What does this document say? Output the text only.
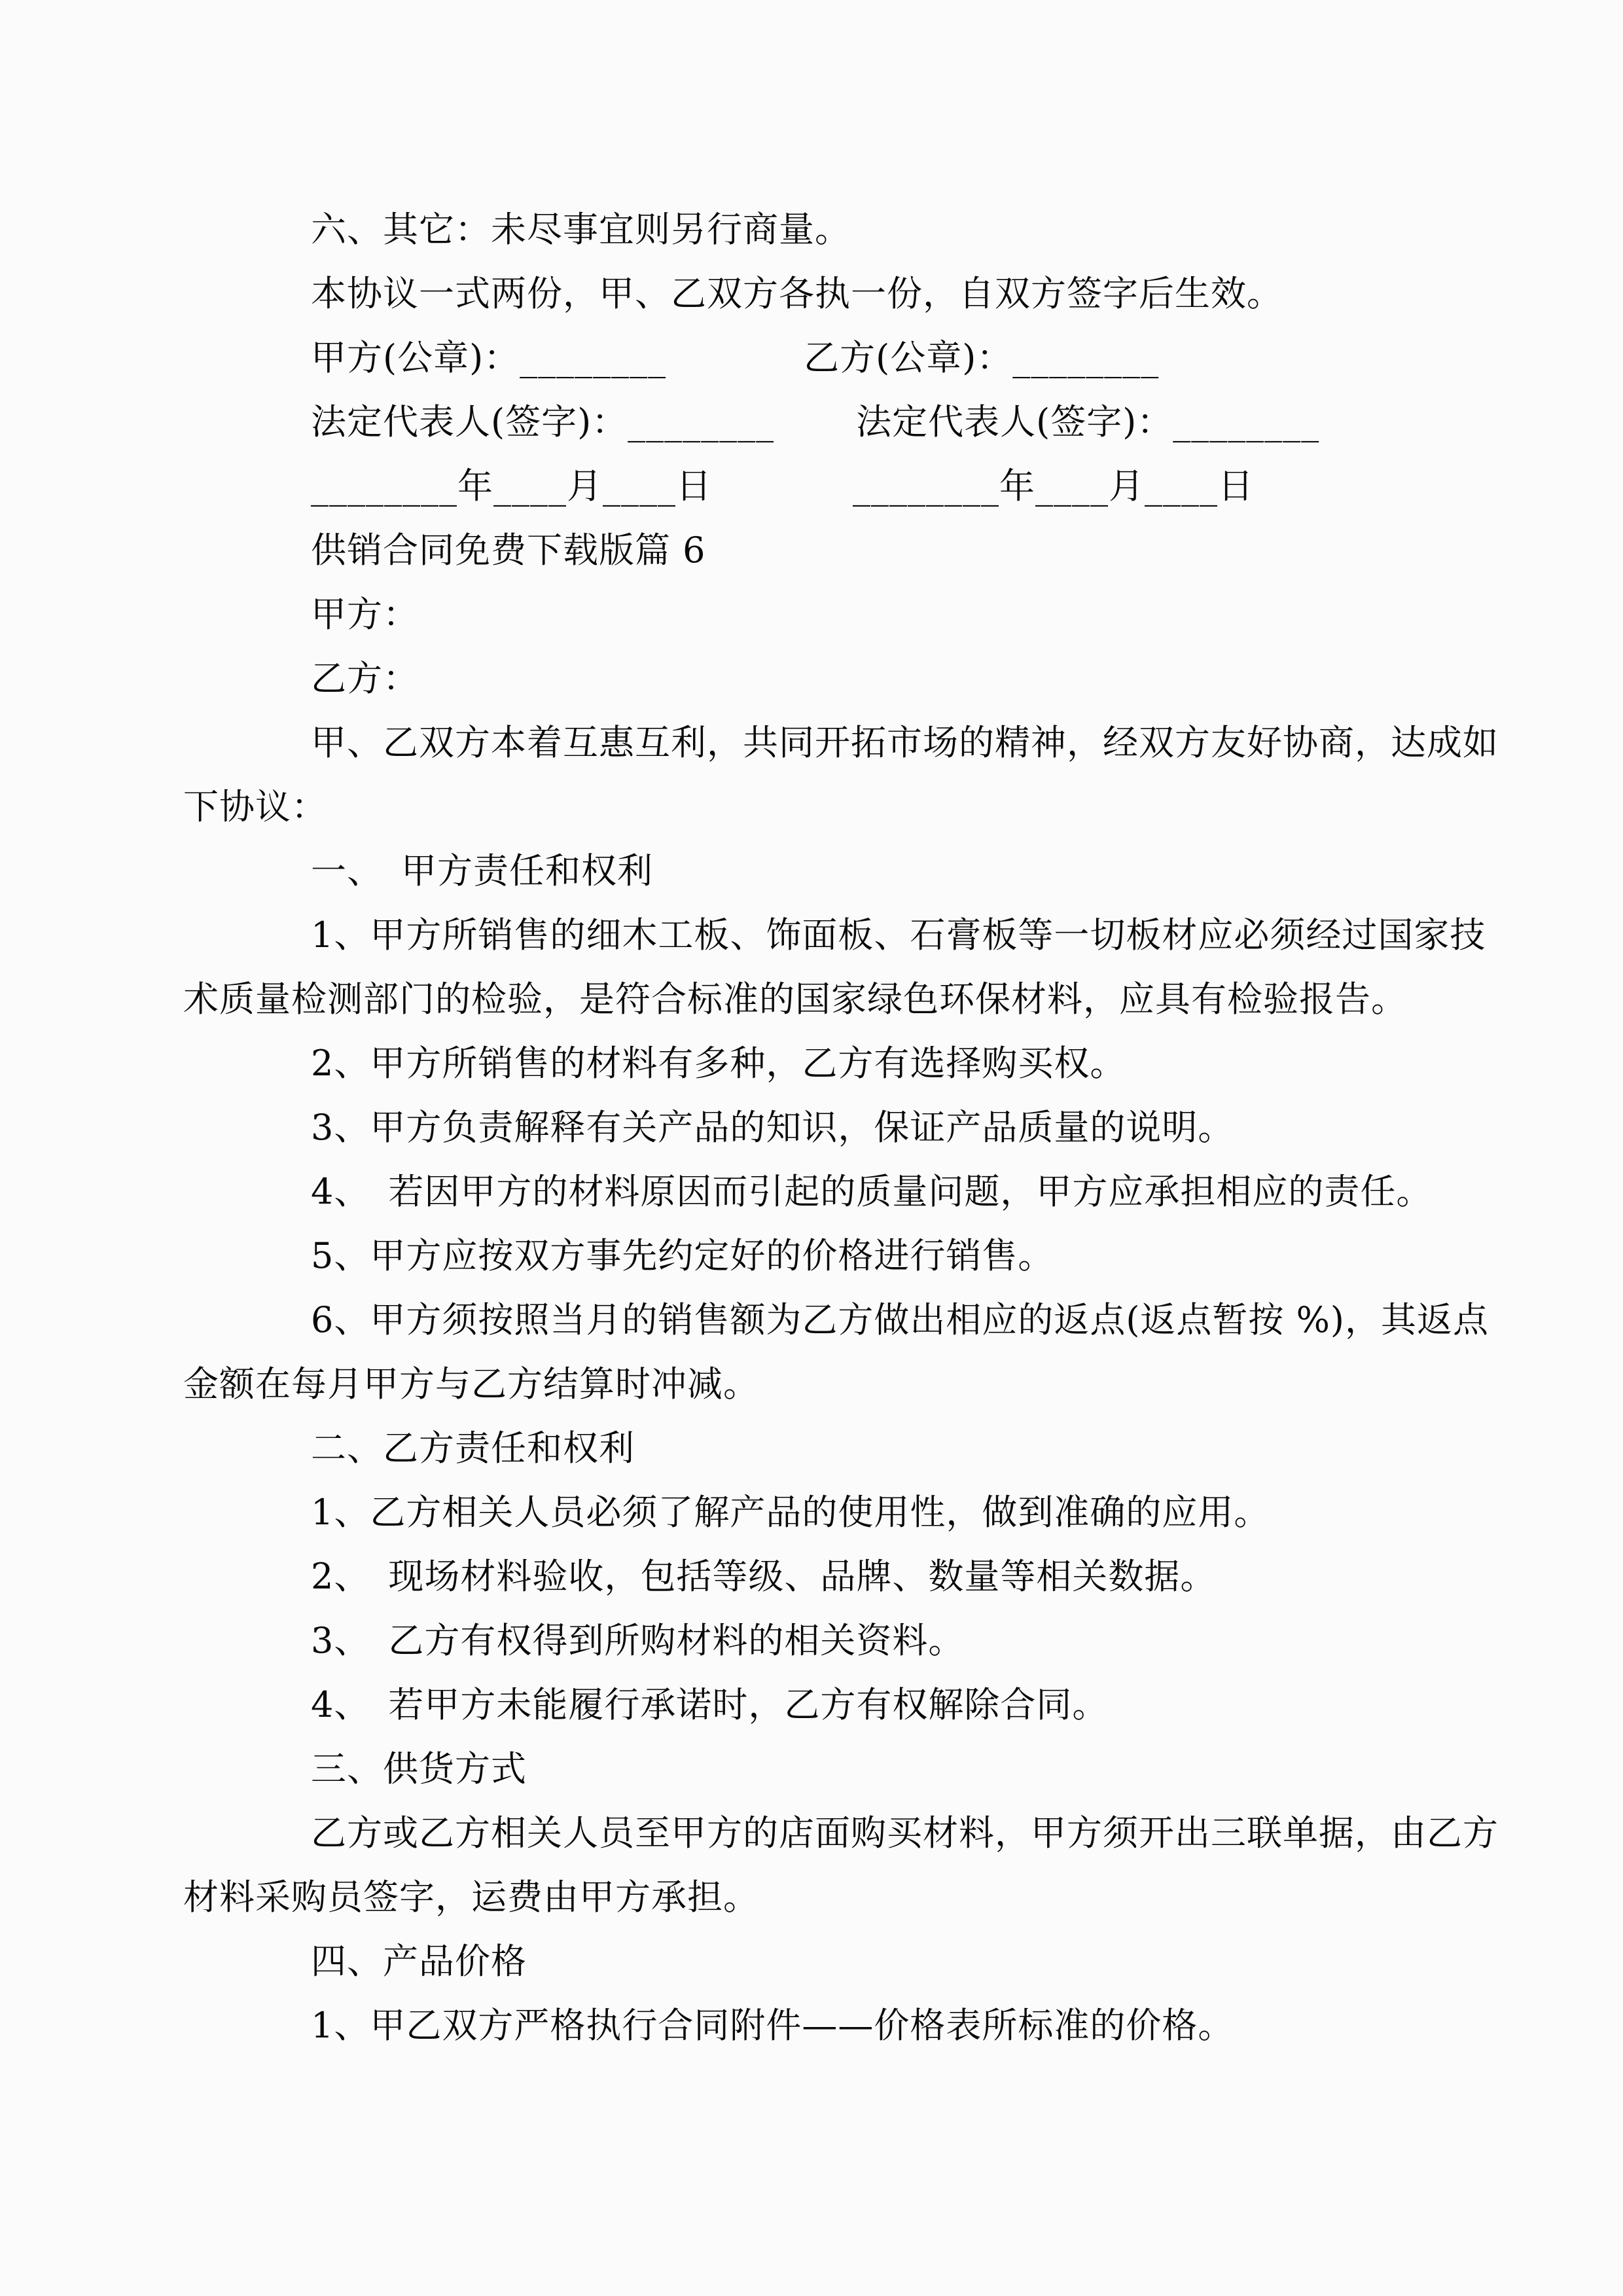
六、其它：未尽事宜则另行商量。
本协议一式两份，甲、乙双方各执一份，自双方签字后生效。
甲方(公章)：________	乙方(公章)：________
法定代表人(签字)：________ 法定代表人(签字)：________
________年____月____日	________年____月____日
供销合同免费下载版篇 6
甲方：
乙方：
甲、乙双方本着互惠互利，共同开拓市场的精神，经双方友好协商，达成如
下协议：
一、　甲方责任和权利
1、甲方所销售的细木工板、饰面板、石膏板等一切板材应必须经过国家技
术质量检测部门的检验，是符合标准的国家绿色环保材料，应具有检验报告。
2、甲方所销售的材料有多种，乙方有选择购买权。
3、甲方负责解释有关产品的知识，保证产品质量的说明。
4、　若因甲方的材料原因而引起的质量问题，甲方应承担相应的责任。
5、甲方应按双方事先约定好的价格进行销售。
6、甲方须按照当月的销售额为乙方做出相应的返点(返点暂按 %)，其返点
金额在每月甲方与乙方结算时冲减。
二、乙方责任和权利
1、乙方相关人员必须了解产品的使用性，做到准确的应用。
2、　现场材料验收，包括等级、品牌、数量等相关数据。
3、　乙方有权得到所购材料的相关资料。
4、　若甲方未能履行承诺时，乙方有权解除合同。
三、供货方式
乙方或乙方相关人员至甲方的店面购买材料，甲方须开出三联单据，由乙方
材料采购员签字，运费由甲方承担。
四、产品价格
1、甲乙双方严格执行合同附件——价格表所标准的价格。
